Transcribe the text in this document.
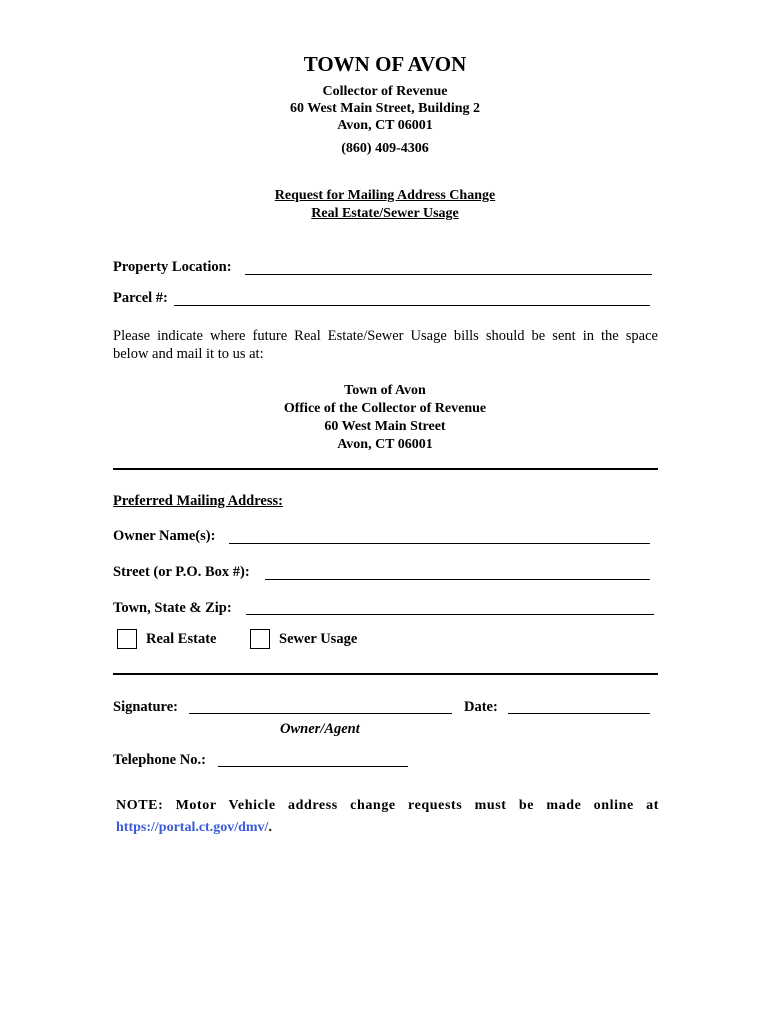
TOWN OF AVON
Collector of Revenue
60 West Main Street, Building 2
Avon, CT 06001
(860) 409-4306
Request for Mailing Address Change
Real Estate/Sewer Usage
Property Location:
Parcel #:
Please indicate where future Real Estate/Sewer Usage bills should be sent in the space
below and mail it to us at:
Town of Avon
Office of the Collector of Revenue
60 West Main Street
Avon, CT 06001
Preferred Mailing Address:
Owner Name(s):
Street (or P.O. Box #):
Town, State & Zip:
Real Estate	Sewer Usage
Signature:	Date:
Owner/Agent
Telephone No.:
NOTE: Motor Vehicle address change requests must be made online at
https://portal.ct.gov/dmv/.
